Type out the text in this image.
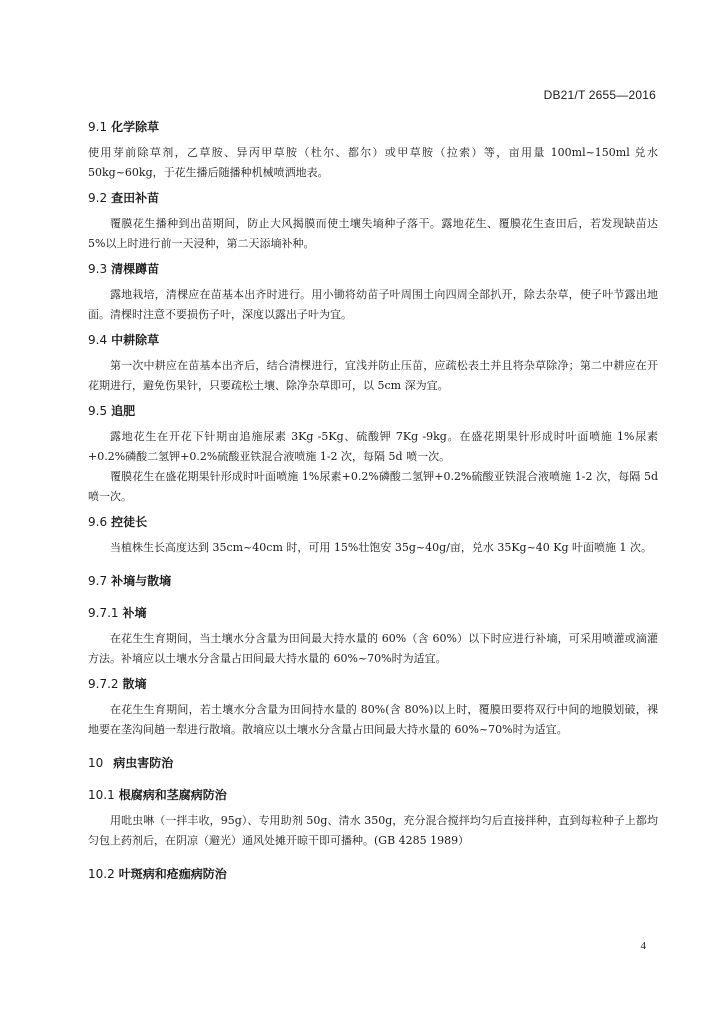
DB21/T 2655—2016
9.1 化学除草
使用芽前除草剂，乙草胺、异丙甲草胺（杜尔、都尔）或甲草胺（拉索）等，亩用量 100ml~150ml 兑水 50kg~60kg，于花生播后随播种机械喷洒地表。
9.2 查田补苗
覆膜花生播种到出苗期间，防止大风揭膜而使土壤失墒种子落干。露地花生、覆膜花生查田后，若发现缺苗达 5%以上时进行前一天浸种，第二天添墒补种。
9.3 清棵蹲苗
露地栽培，清棵应在苗基本出齐时进行。用小锄将幼苗子叶周围土向四周全部扒开，除去杂草，使子叶节露出地面。清棵时注意不要损伤子叶，深度以露出子叶为宜。
9.4 中耕除草
第一次中耕应在苗基本出齐后，结合清棵进行，宜浅并防止压苗，应疏松表土并且将杂草除净；第二中耕应在开花期进行，避免伤果针，只要疏松土壤、除净杂草即可，以 5cm 深为宜。
9.5 追肥
露地花生在开花下针期亩追施尿素 3Kg -5Kg、硫酸钾 7Kg -9kg。在盛花期果针形成时叶面喷施 1%尿素+0.2%磷酸二氢钾+0.2%硫酸亚铁混合液喷施 1-2 次，每隔 5d 喷一次。
覆膜花生在盛花期果针形成时叶面喷施 1%尿素+0.2%磷酸二氢钾+0.2%硫酸亚铁混合液喷施 1-2 次，每隔 5d 喷一次。
9.6 控徒长
当植株生长高度达到 35cm~40cm 时，可用 15%壮饱安 35g~40g/亩，兑水 35Kg~40 Kg 叶面喷施 1 次。
9.7 补墒与散墒
9.7.1 补墒
在花生生育期间，当土壤水分含量为田间最大持水量的 60%（含 60%）以下时应进行补墒，可采用喷灌或滴灌方法。补墒应以土壤水分含量占田间最大持水量的 60%~70%时为适宜。
9.7.2 散墒
在花生生育期间，若土壤水分含量为田间持水量的 80%(含 80%)以上时，覆膜田要将双行中间的地膜划破，裸地要在垄沟间趟一犁进行散墒。散墒应以土壤水分含量占田间最大持水量的 60%~70%时为适宜。
10 病虫害防治
10.1 根腐病和茎腐病防治
用吡虫啉（一拌丰收，95g）、专用助剂 50g、清水 350g，充分混合搅拌均匀后直接拌种，直到每粒种子上都均匀包上药剂后，在阴凉（避光）通风处摊开晾干即可播种。(GB 4285 1989）
10.2 叶斑病和疮痂病防治
4
